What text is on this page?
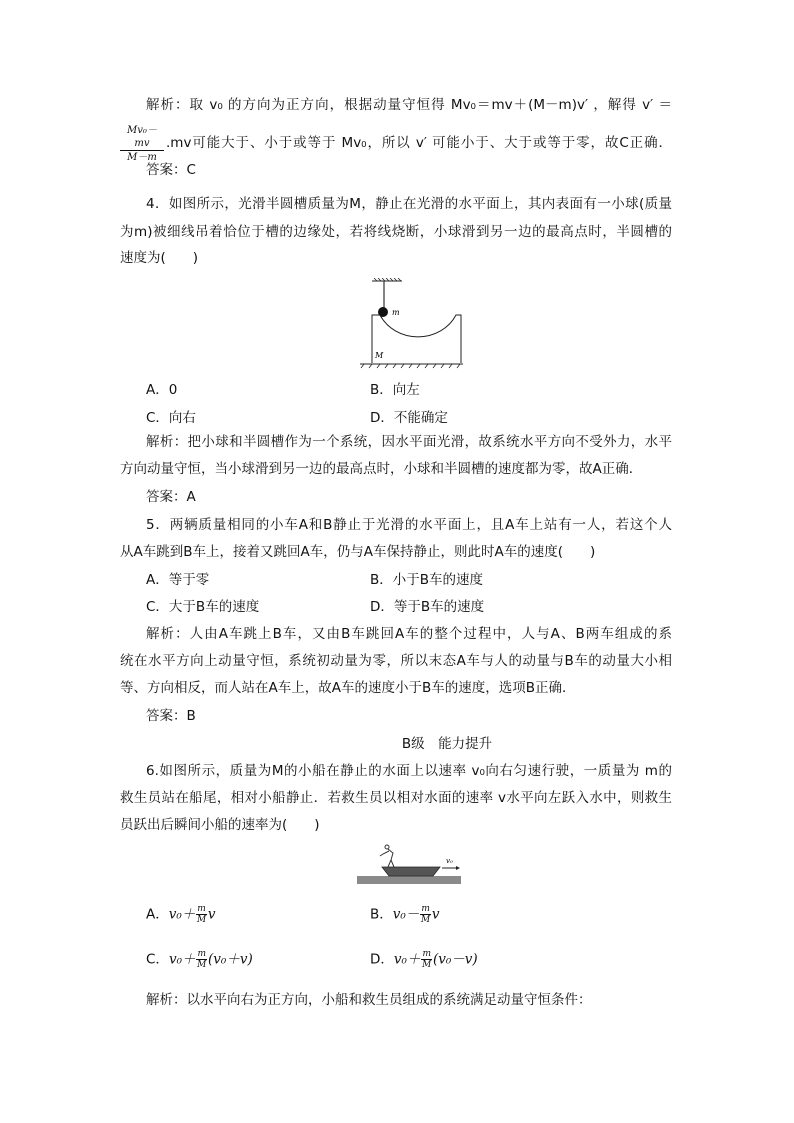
解析：取 v₀ 的方向为正方向，根据动量守恒得 Mv₀＝mv＋(M－m)v′ ，解得 v′ ＝
$\frac{\text{Mv₀－mv}}{M-m} .mv$可能大于、小于或等于 Mv₀，所以 v′ 可能小于、大于或等于零，故C正确．
答案：C
4．如图所示，光滑半圆槽质量为M，静止在光滑的水平面上，其内表面有一小球(质量
为m)被细线吊着恰位于槽的边缘处，若将线烧断，小球滑到另一边的最高点时，半圆槽的
速度为(　　)
m
M
A．0	B．向左
C．向右	D．不能确定
解析：把小球和半圆槽作为一个系统，因水平面光滑，故系统水平方向不受外力，水平
方向动量守恒，当小球滑到另一边的最高点时，小球和半圆槽的速度都为零，故A正确．
答案：A
5．两辆质量相同的小车A和B静止于光滑的水平面上，且A车上站有一人，若这个人
从A车跳到B车上，接着又跳回A车，仍与A车保持静止，则此时A车的速度(　　)
A．等于零	B．小于B车的速度
C．大于B车的速度	D．等于B车的速度
解析：人由A车跳上B车，又由B车跳回A车的整个过程中，人与A、B两车组成的系
统在水平方向上动量守恒，系统初动量为零，所以末态A车与人的动量与B车的动量大小相
等、方向相反，而人站在A车上，故A车的速度小于B车的速度，选项B正确．
答案：B
B级　能力提升
6.如图所示，质量为M的小船在静止的水面上以速率 v₀向右匀速行驶，一质量为 m的
救生员站在船尾，相对小船静止．若救生员以相对水面的速率 v水平向左跃入水中，则救生
员跃出后瞬间小船的速率为(　　)
v₀
A．$v_0+ \frac{m}{M}$ v	B．$v_0- \frac{m}{M}$ v
C．$v_0+ \frac{m}{M} (v_0+v)$	D．$v_0+ \frac{m}{M} (v_0-v)$
解析：以水平向右为正方向，小船和救生员组成的系统满足动量守恒条件：
